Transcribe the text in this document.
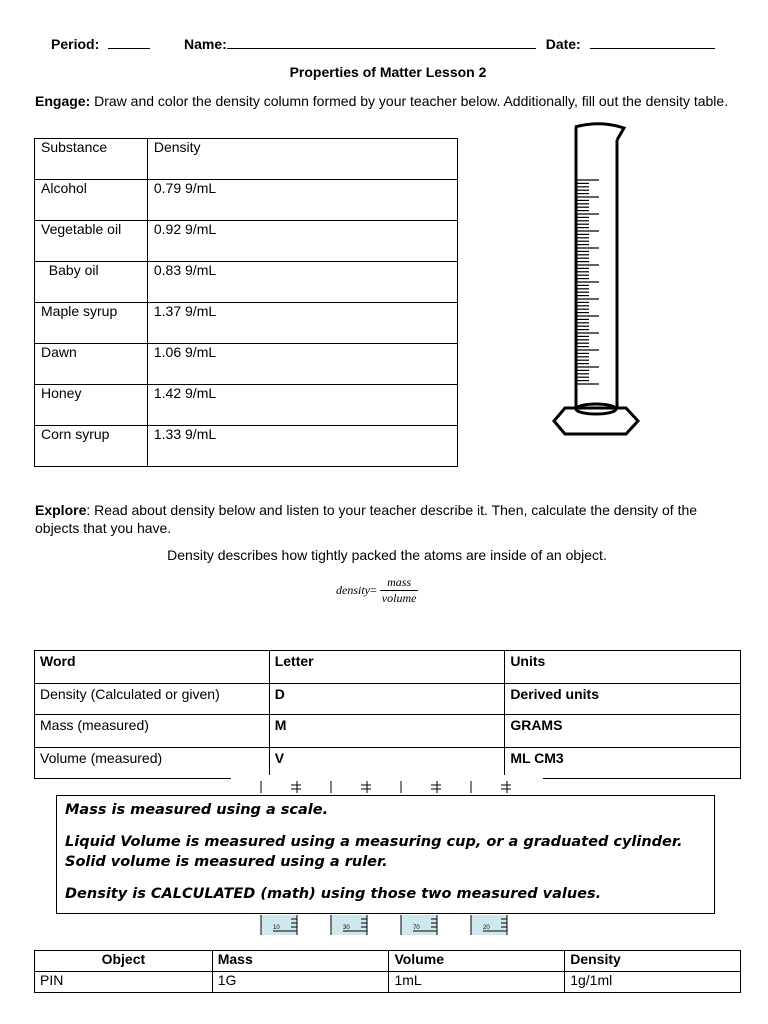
Period:	Name:	Date:
Properties of Matter Lesson 2
Engage: Draw and color the density column formed by your teacher below. Additionally, fill out the density table.
Substance	Density

Alcohol	0.79 9/mL

Vegetable oil	0.92 9/mL

Baby oil	0.83 9/mL

Maple syrup	1.37 9/mL

Dawn	1.06 9/mL

Honey	1.42 9/mL

Corn syrup	1.33 9/mL
Explore: Read about density below and listen to your teacher describe it. Then, calculate the density of the objects that you have.
Density describes how tightly packed the atoms are inside of an object.
density= $\frac{\text{mass}}{\text{volume}}$
Word	Letter	Units
Density (Calculated or given)	D	Derived units
Mass (measured)	M	GRAMS
Volume (measured)	V	ML CM3
10	30	70	20

Mass is measured using a scale.

Liquid Volume is measured using a measuring cup, or a graduated cylinder. Solid volume is measured using a ruler.

Density is CALCULATED (math) using those two measured values.

Object	Mass	Volume	Density
PIN	1G	1mL	1g/1ml
